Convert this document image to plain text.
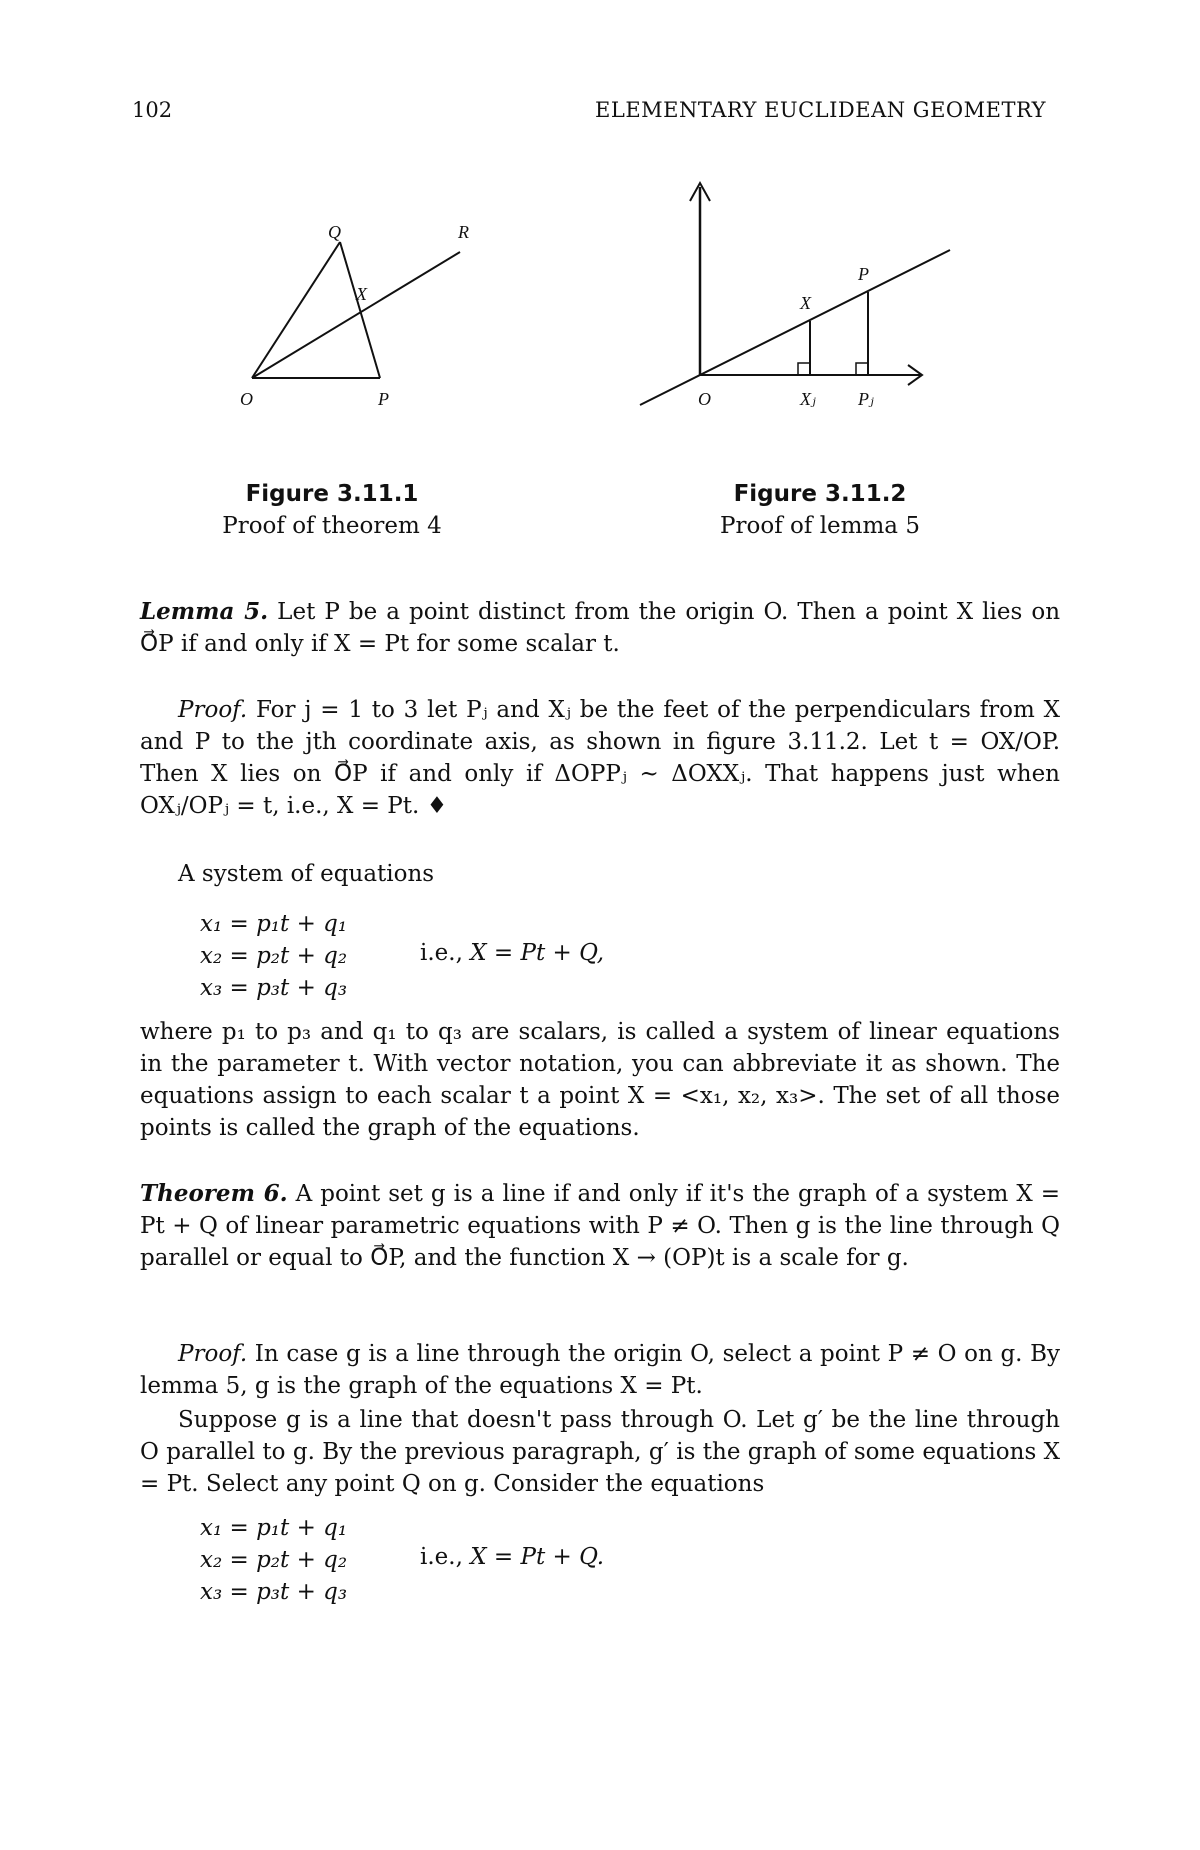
102	ELEMENTARY EUCLIDEAN GEOMETRY
Q	R
X
O	P
P
X
O	Xⱼ Pⱼ
Figure 3.11.1
Proof of theorem 4
Figure 3.11.2
Proof of lemma 5
Lemma 5. Let P be a point distinct from the origin O. Then a point X lies on O⃗P if and only if X = Pt for some scalar t.
Proof. For j = 1 to 3 let Pⱼ and Xⱼ be the feet of the perpendiculars from X and P to the jth coordinate axis, as shown in figure 3.11.2. Let t = OX/OP. Then X lies on O⃗P if and only if ΔOPPⱼ ~ ΔOXXⱼ. That happens just when OXⱼ/OPⱼ = t, i.e., X = Pt. ♦
A system of equations
x₁ = p₁t + q₁
x₂ = p₂t + q₂
x₃ = p₃t + q₃
i.e., X = Pt + Q,
where p₁ to p₃ and q₁ to q₃ are scalars, is called a system of linear equations in the parameter t. With vector notation, you can abbreviate it as shown. The equations assign to each scalar t a point X = <x₁, x₂, x₃>. The set of all those points is called the graph of the equations.
Theorem 6. A point set g is a line if and only if it's the graph of a system X = Pt + Q of linear parametric equations with P ≠ O. Then g is the line through Q parallel or equal to O⃗P, and the function X → (OP)t is a scale for g.
Proof. In case g is a line through the origin O, select a point P ≠ O on g. By lemma 5, g is the graph of the equations X = Pt.
Suppose g is a line that doesn't pass through O. Let g′ be the line through O parallel to g. By the previous paragraph, g′ is the graph of some equations X = Pt. Select any point Q on g. Consider the equations
x₁ = p₁t + q₁
x₂ = p₂t + q₂
x₃ = p₃t + q₃
i.e., X = Pt + Q.
